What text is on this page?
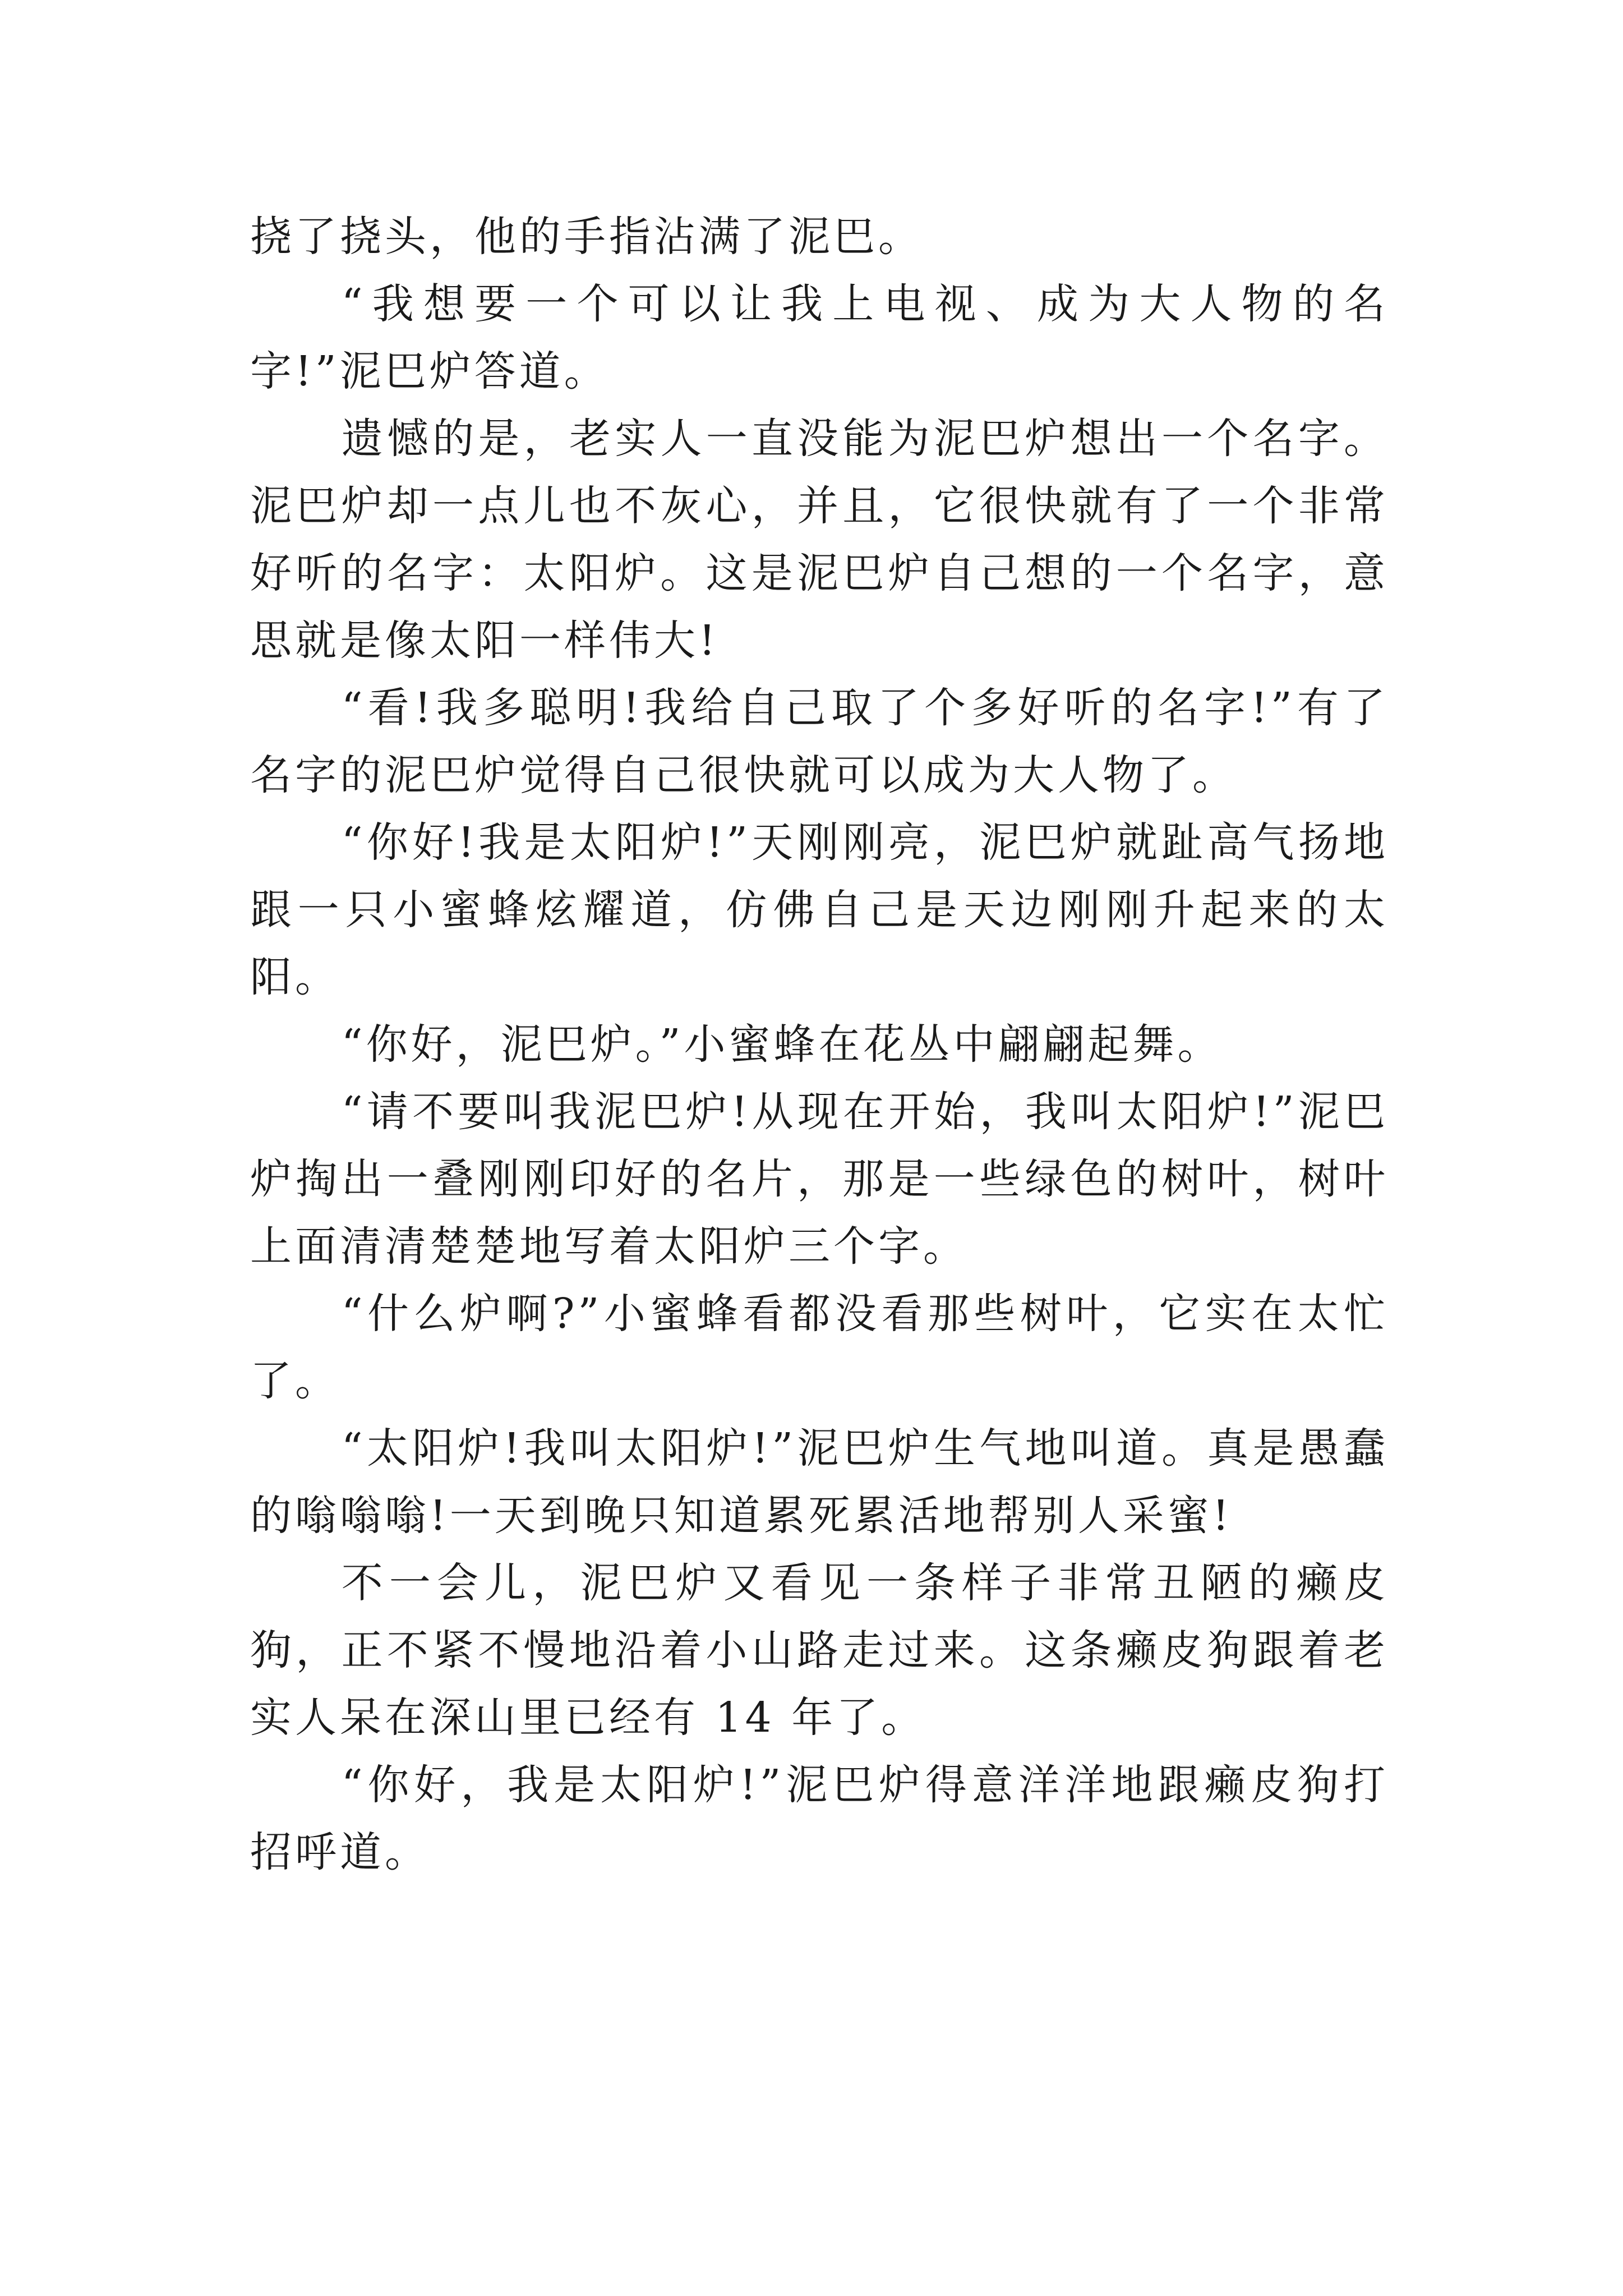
挠了挠头，他的手指沾满了泥巴。

“我想要一个可以让我上电视、成为大人物的名字!”泥巴炉答道。

遗憾的是，老实人一直没能为泥巴炉想出一个名字。泥巴炉却一点儿也不灰心，并且，它很快就有了一个非常好听的名字：太阳炉。这是泥巴炉自己想的一个名字，意思就是像太阳一样伟大!

“看!我多聪明!我给自己取了个多好听的名字!”有了名字的泥巴炉觉得自己很快就可以成为大人物了。

“你好!我是太阳炉!”天刚刚亮，泥巴炉就趾高气扬地跟一只小蜜蜂炫耀道，仿佛自己是天边刚刚升起来的太阳。

“你好，泥巴炉。”小蜜蜂在花丛中翩翩起舞。

“请不要叫我泥巴炉!从现在开始，我叫太阳炉!”泥巴炉掏出一叠刚刚印好的名片，那是一些绿色的树叶，树叶上面清清楚楚地写着太阳炉三个字。

“什么炉啊?”小蜜蜂看都没看那些树叶，它实在太忙了。

“太阳炉!我叫太阳炉!”泥巴炉生气地叫道。真是愚蠢的嗡嗡嗡!一天到晚只知道累死累活地帮别人采蜜!

不一会儿，泥巴炉又看见一条样子非常丑陋的癞皮狗，正不紧不慢地沿着小山路走过来。这条癞皮狗跟着老实人呆在深山里已经有 14 年了。

“你好，我是太阳炉!”泥巴炉得意洋洋地跟癞皮狗打招呼道。
